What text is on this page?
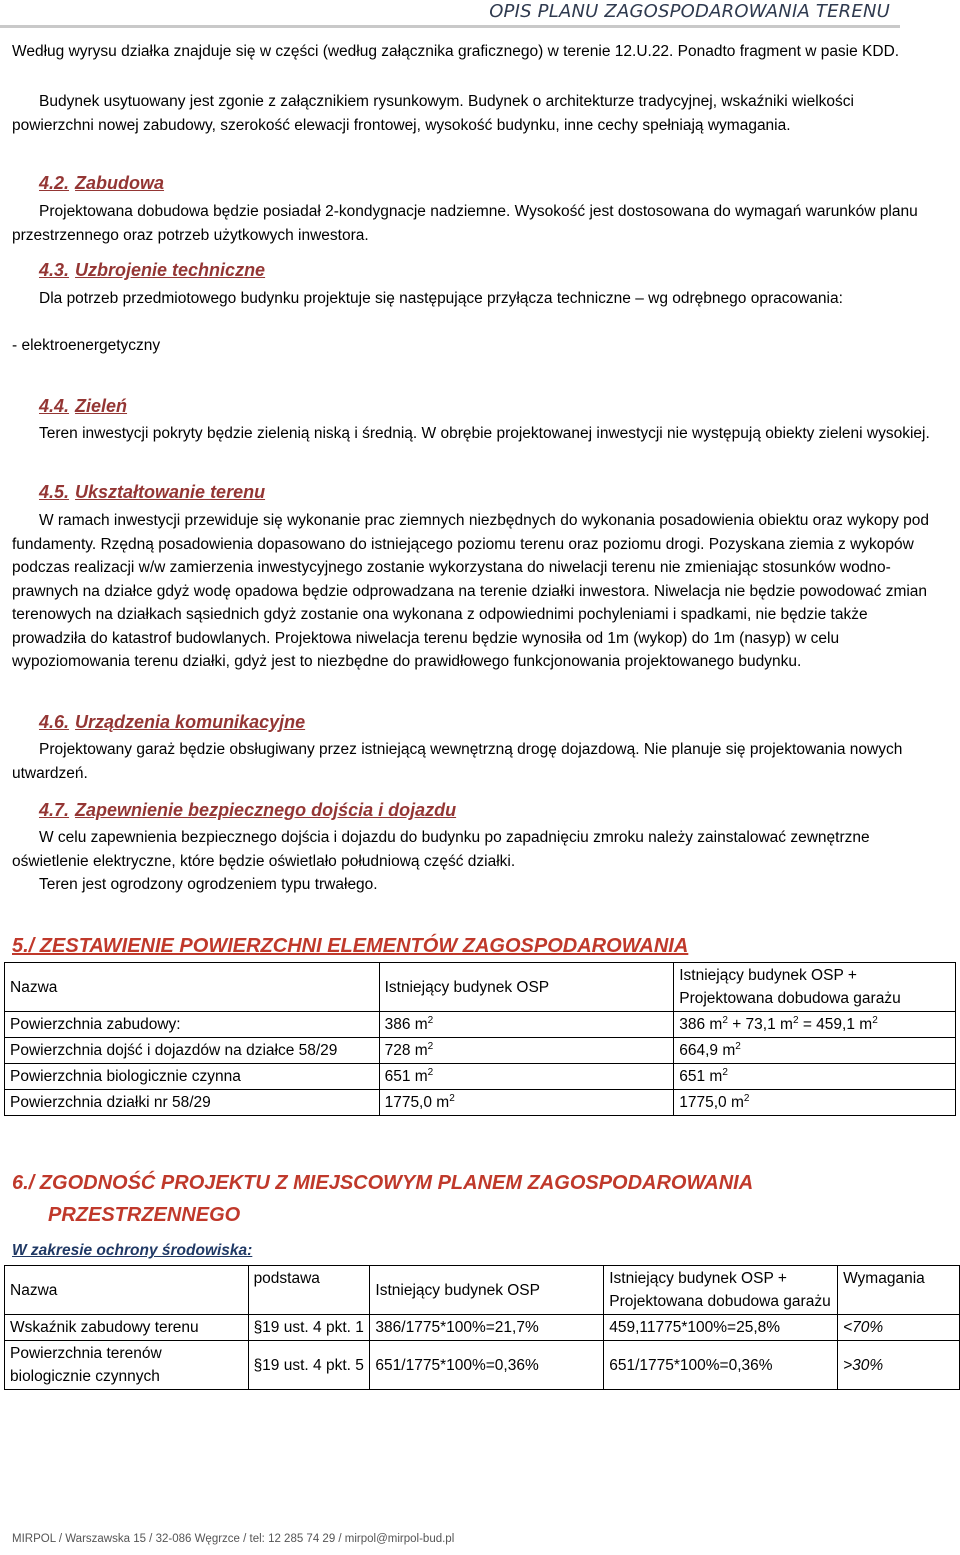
OPIS PLANU ZAGOSPODAROWANIA TERENU
Według wyrysu działka znajduje się w części (według załącznika graficznego) w terenie 12.U.22. Ponadto fragment w pasie KDD.
Budynek usytuowany jest zgonie z załącznikiem rysunkowym. Budynek o architekturze tradycyjnej, wskaźniki wielkości powierzchni nowej zabudowy, szerokość elewacji frontowej, wysokość budynku, inne cechy spełniają wymagania.
4.2. Zabudowa
Projektowana dobudowa będzie posiadał 2-kondygnacje nadziemne. Wysokość jest dostosowana do wymagań warunków planu przestrzennego oraz potrzeb użytkowych inwestora.
4.3. Uzbrojenie techniczne
Dla potrzeb przedmiotowego budynku projektuje się następujące przyłącza techniczne – wg odrębnego opracowania:
- elektroenergetyczny
4.4. Zieleń
Teren inwestycji pokryty będzie zielenią niską i średnią. W obrębie projektowanej inwestycji nie występują obiekty zieleni wysokiej.
4.5. Ukształtowanie terenu
W ramach inwestycji przewiduje się wykonanie prac ziemnych niezbędnych do wykonania posadowienia obiektu oraz wykopy pod fundamenty. Rzędną posadowienia dopasowano do istniejącego poziomu terenu oraz poziomu drogi. Pozyskana ziemia z wykopów podczas realizacji w/w zamierzenia inwestycyjnego zostanie wykorzystana do niwelacji terenu nie zmieniając stosunków wodno-prawnych na działce gdyż wodę opadowa będzie odprowadzana na terenie działki inwestora. Niwelacja nie będzie powodować zmian terenowych na działkach sąsiednich gdyż zostanie ona wykonana z odpowiednimi pochyleniami i spadkami, nie będzie także prowadziła do katastrof budowlanych. Projektowa niwelacja terenu będzie wynosiła od 1m (wykop) do 1m (nasyp) w celu wypoziomowania terenu działki, gdyż jest to niezbędne do prawidłowego funkcjonowania projektowanego budynku.
4.6. Urządzenia komunikacyjne
Projektowany garaż będzie obsługiwany przez istniejącą wewnętrzną drogę dojazdową. Nie planuje się projektowania nowych utwardzeń.
4.7. Zapewnienie bezpiecznego dojścia i dojazdu
W celu zapewnienia bezpiecznego dojścia i dojazdu do budynku po zapadnięciu zmroku należy zainstalować zewnętrzne oświetlenie elektryczne, które będzie oświetlało południową część działki.
Teren jest ogrodzony ogrodzeniem typu trwałego.
5./ ZESTAWIENIE POWIERZCHNI ELEMENTÓW ZAGOSPODAROWANIA
Nazwa	Istniejący budynek OSP	Istniejący budynek OSP + Projektowana dobudowa garażu
Powierzchnia zabudowy:	386 $m^2$	386 $m^2 + 73,1$ $m^2 = 459,1$ $m^2$
Powierzchnia dojść i dojazdów na działce 58/29	728 $m^2$	664,9 $m^2$
Powierzchnia biologicznie czynna	651 $m^2$	651 $m^2$
Powierzchnia działki nr 58/29	1775,0 $m^2$	1775,0 $m^2$
6./ ZGODNOŚĆ PROJEKTU Z MIEJSCOWYM PLANEM ZAGOSPODAROWANIA
PRZESTRZENNEGO
W zakresie ochrony środowiska:
Nazwa	podstawa	Istniejący budynek OSP	Istniejący budynek OSP + Projektowana dobudowa garażu	Wymagania
Wskaźnik zabudowy terenu	§19 ust. 4 pkt. 1	386/1775*100%=21,7%	459,11775*100%=25,8%	<70%
Powierzchnia terenów biologicznie czynnych	§19 ust. 4 pkt. 5	651/1775*100%=0,36%	651/1775*100%=0,36%	>30%
MIRPOL / Warszawska 15 / 32-086 Węgrzce / tel: 12 285 74 29 / mirpol@mirpol-bud.pl
